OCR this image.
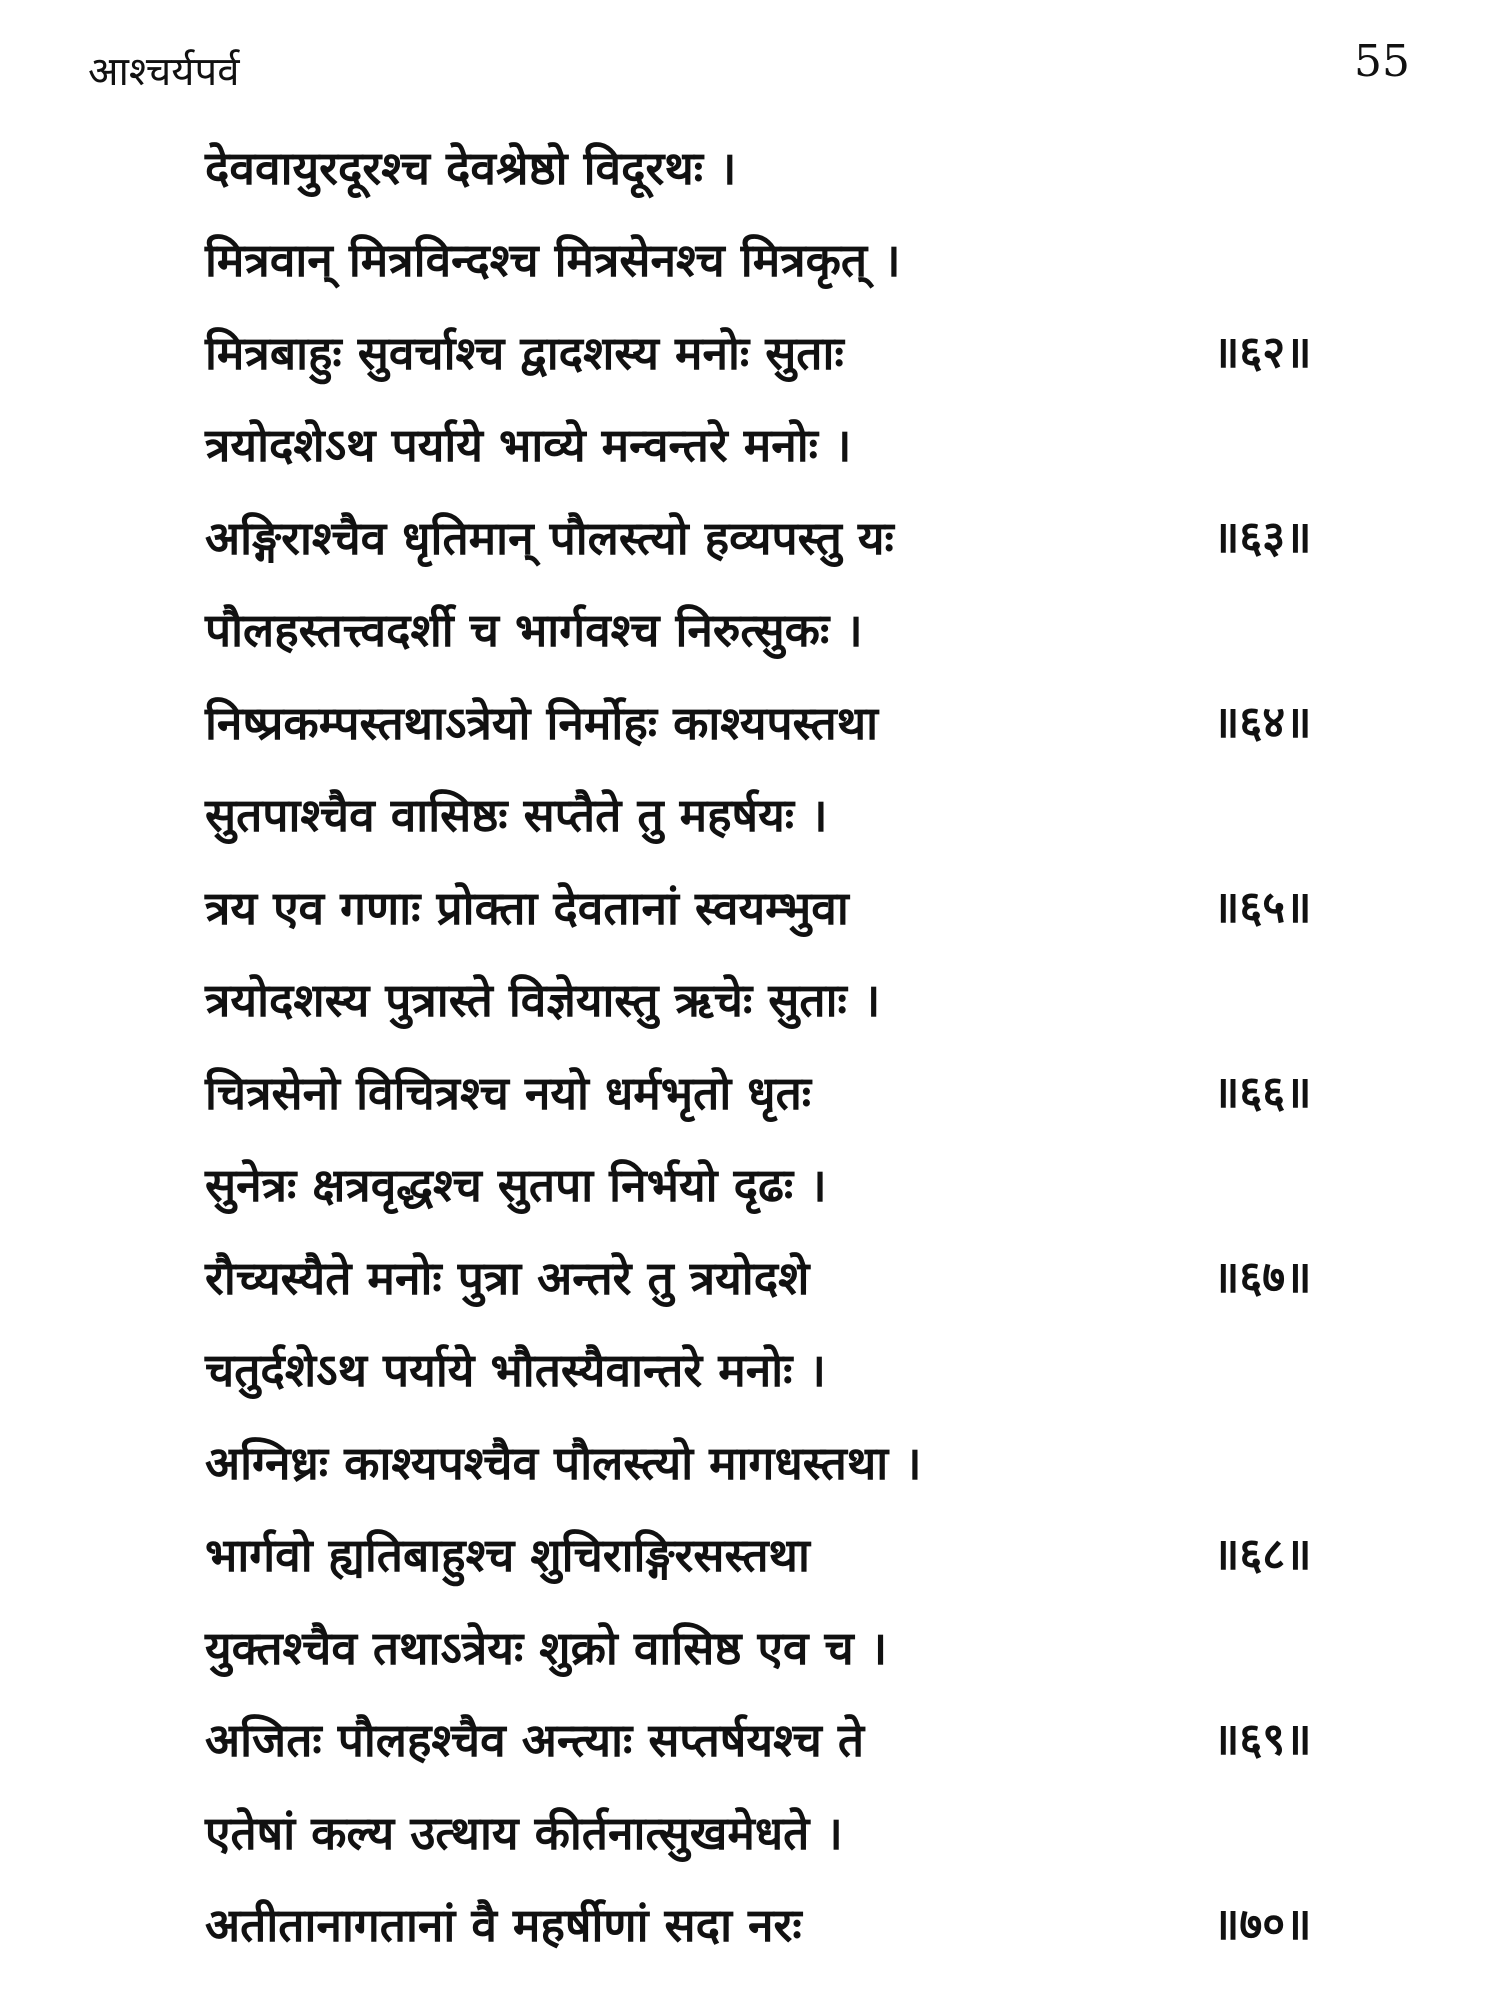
आश्चर्यपर्व	55
देववायुरदूरश्च देवश्रेष्ठो विदूरथः ।
मित्रवान् मित्रविन्दश्च मित्रसेनश्च मित्रकृत् ।
मित्रबाहुः सुवर्चाश्च द्वादशस्य मनोः सुताः	॥६२॥
त्रयोदशेऽथ पर्याये भाव्ये मन्वन्तरे मनोः ।
अङ्गिराश्चैव धृतिमान् पौलस्त्यो हव्यपस्तु यः	॥६३॥
पौलहस्तत्त्वदर्शी च भार्गवश्च निरुत्सुकः ।
निष्प्रकम्पस्तथाऽत्रेयो निर्मोहः काश्यपस्तथा	॥६४॥
सुतपाश्चैव वासिष्ठः सप्तैते तु महर्षयः ।
त्रय एव गणाः प्रोक्ता देवतानां स्वयम्भुवा	॥६५॥
त्रयोदशस्य पुत्रास्ते विज्ञेयास्तु ऋचेः सुताः ।
चित्रसेनो विचित्रश्च नयो धर्मभृतो धृतः	॥६६॥
सुनेत्रः क्षत्रवृद्धश्च सुतपा निर्भयो दृढः ।
रौच्यस्यैते मनोः पुत्रा अन्तरे तु त्रयोदशे	॥६७॥
चतुर्दशेऽथ पर्याये भौतस्यैवान्तरे मनोः ।
अग्निध्रः काश्यपश्चैव पौलस्त्यो मागधस्तथा ।
भार्गवो ह्यतिबाहुश्च शुचिराङ्गिरसस्तथा	॥६८॥
युक्तश्चैव तथाऽत्रेयः शुक्रो वासिष्ठ एव च ।
अजितः पौलहश्चैव अन्त्याः सप्तर्षयश्च ते	॥६९॥
एतेषां कल्य उत्थाय कीर्तनात्सुखमेधते ।
अतीतानागतानां वै महर्षीणां सदा नरः	॥७०॥
